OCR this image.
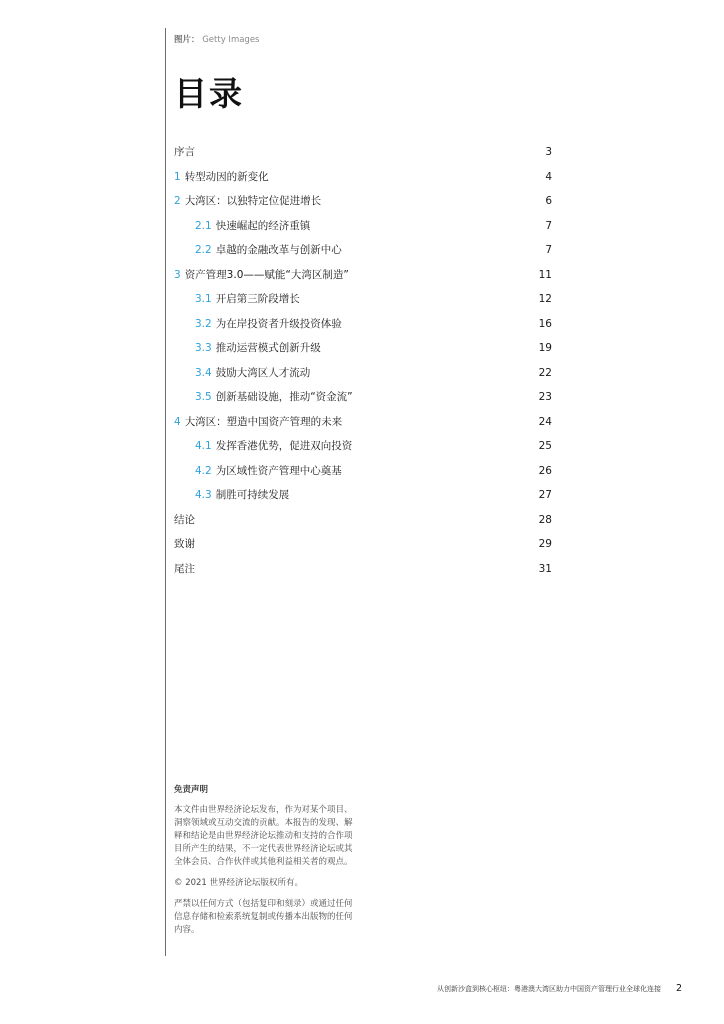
图片： Getty Images
目录
序言	3
1 转型动因的新变化	4
2 大湾区：以独特定位促进增长	6
2.1 快速崛起的经济重镇	7
2.2 卓越的金融改革与创新中心	7
3 资产管理3.0——赋能“大湾区制造”	11
3.1 开启第三阶段增长	12
3.2 为在岸投资者升级投资体验	16
3.3 推动运营模式创新升级	19
3.4 鼓励大湾区人才流动	22
3.5 创新基础设施，推动“资金流”	23
4 大湾区：塑造中国资产管理的未来	24
4.1 发挥香港优势，促进双向投资	25
4.2 为区域性资产管理中心奠基	26
4.3 制胜可持续发展	27
结论	28
致谢	29
尾注	31
免责声明

本文件由世界经济论坛发布，作为对某个项目、洞察领域或互动交流的贡献。本报告的发现、解释和结论是由世界经济论坛推动和支持的合作项目所产生的结果，不一定代表世界经济论坛或其全体会员、合作伙伴或其他利益相关者的观点。

© 2021 世界经济论坛版权所有。

严禁以任何方式（包括复印和刻录）或通过任何信息存储和检索系统复制或传播本出版物的任何内容。

从创新沙盒到核心枢纽：粤港澳大湾区助力中国资产管理行业全球化连接 2
